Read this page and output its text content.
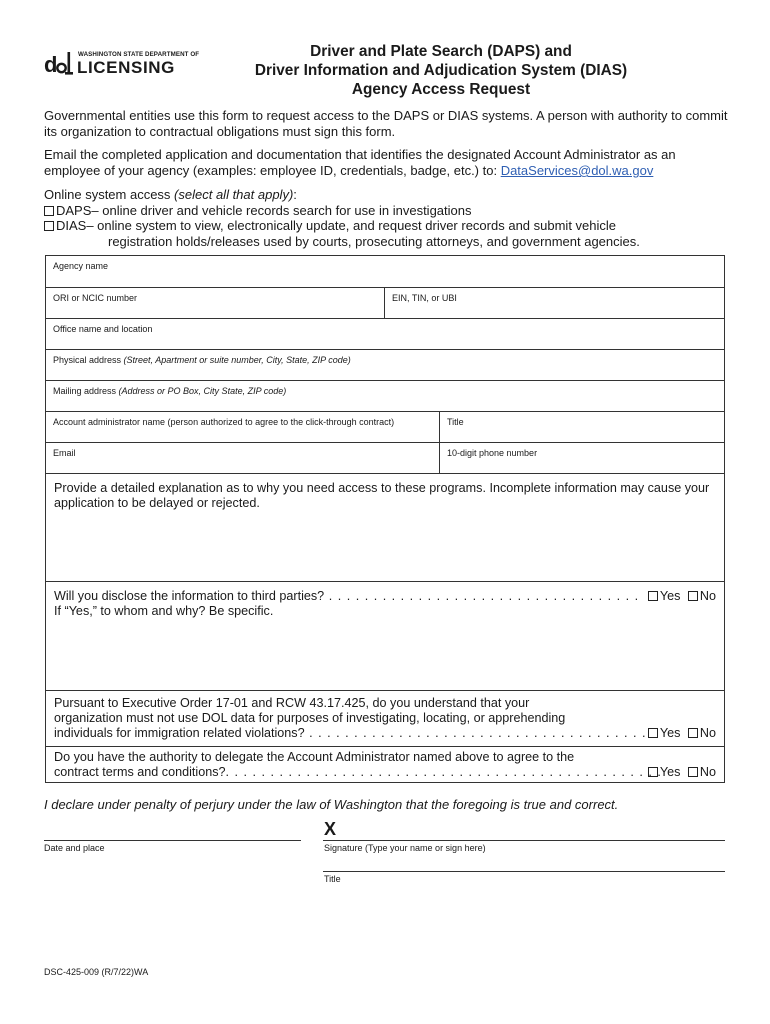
d	WASHINGTON STATE DEPARTMENT OF
LICENSING
Driver and Plate Search (DAPS) and
Driver Information and Adjudication System (DIAS)
Agency Access Request

Governmental entities use this form to request access to the DAPS or DIAS systems. A person with authority to commit its organization to contractual obligations must sign this form.

Email the completed application and documentation that identifies the designated Account Administrator as an employee of your agency (examples: employee ID, credentials, badge, etc.) to: DataServices@dol.wa.gov

Online system access (select all that apply):

DAPS– online driver and vehicle records search for use in investigations
DIAS– online system to view, electronically update, and request driver records and submit vehicle
registration holds/releases used by courts, prosecuting attorneys, and government agencies.
Agency name
ORI or NCIC number	EIN, TIN, or UBI
Office name and location
Physical address (Street, Apartment or suite number, City, State, ZIP code)
Mailing address (Address or PO Box, City State, ZIP code)
Account administrator name (person authorized to agree to the click-through contract)	Title
Email	10-digit phone number
Provide a detailed explanation as to why you need access to these programs. Incomplete information may cause your application to be delayed or rejected.
Will you disclose the information to third parties? . . . . . . . . . . . . . . . . . . . . . . . . . . . . . . . . . . .
If “Yes,” to whom and why? Be specific.
Yes No
Pursuant to Executive Order 17-01 and RCW 43.17.425, do you understand that your
organization must not use DOL data for purposes of investigating, locating, or apprehending
individuals for immigration related violations? . . . . . . . . . . . . . . . . . . . . . . . . . . . . . . . . . . . . . .	Yes No
Do you have the authority to delegate the Account Administrator named above to agree to the
contract terms and conditions?. . . . . . . . . . . . . . . . . . . . . . . . . . . . . . . . . . . . . . . . . . . . . . . . .
Yes No
I declare under penalty of perjury under the law of Washington that the foregoing is true and correct.
X
Date and place	Signature (Type your name or sign here)
Title
DSC-425-009 (R/7/22)WA
